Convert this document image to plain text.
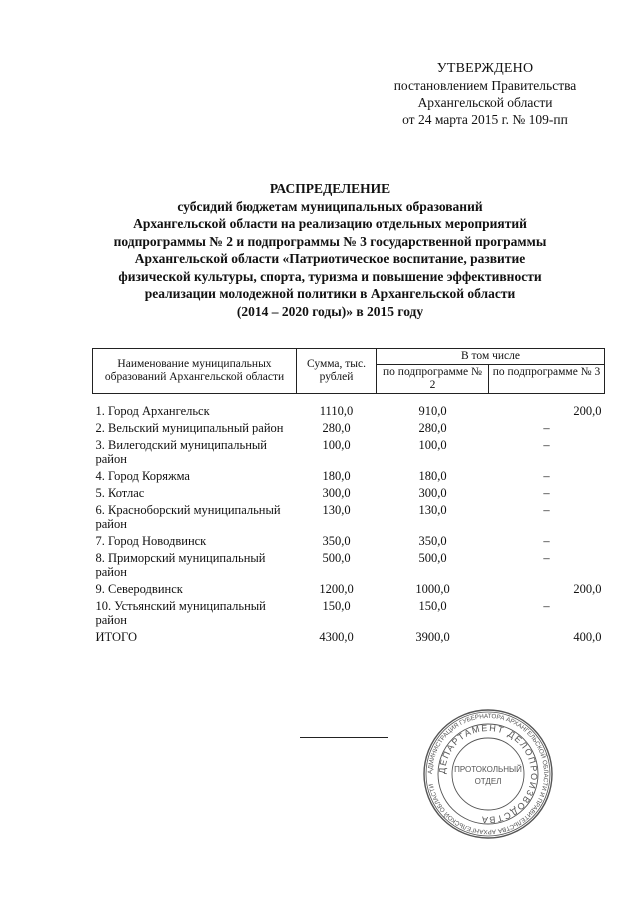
УТВЕРЖДЕНО
постановлением Правительства
Архангельской области
от 24 марта 2015 г. № 109-пп
РАСПРЕДЕЛЕНИЕ
субсидий бюджетам муниципальных образований
Архангельской области на реализацию отдельных мероприятий
подпрограммы № 2 и подпрограммы № 3 государственной программы
Архангельской области «Патриотическое воспитание, развитие
физической культуры, спорта, туризма и повышение эффективности
реализации молодежной политики в Архангельской области
(2014 – 2020 годы)» в 2015 году
Наименование муниципальных образований Архангельской области	Сумма, тыс. рублей	В том числе	
		по подпрограмме № 2	по подпрограмме № 3

1. Город Архангельск	1110,0	910,0	200,0
2. Вельский муниципальный район	280,0	280,0	–
3. Вилегодский муниципальный район	100,0	100,0	–
4. Город Коряжма	180,0	180,0	–
5. Котлас	300,0	300,0	–
6. Красноборский муниципальный район	130,0	130,0	–
7. Город Новодвинск	350,0	350,0	–
8. Приморский муниципальный район	500,0	500,0	–
9. Северодвинск	1200,0	1000,0	200,0
10. Устьянский муниципальный район	150,0	150,0	–
ИТОГО	4300,0	3900,0	400,0
АДМИНИСТРАЦИЯ ГУБЕРНАТОРА АРХАНГЕЛЬСКОЙ ОБЛАСТИ И ПРАВИТЕЛЬСТВА АРХАНГЕЛЬСКОЙ ОБЛАСТИ
ДЕПАРТАМЕНТ ДЕЛОПРОИЗВОДСТВА
ПРОТОКОЛЬНЫЙ
ОТДЕЛ
